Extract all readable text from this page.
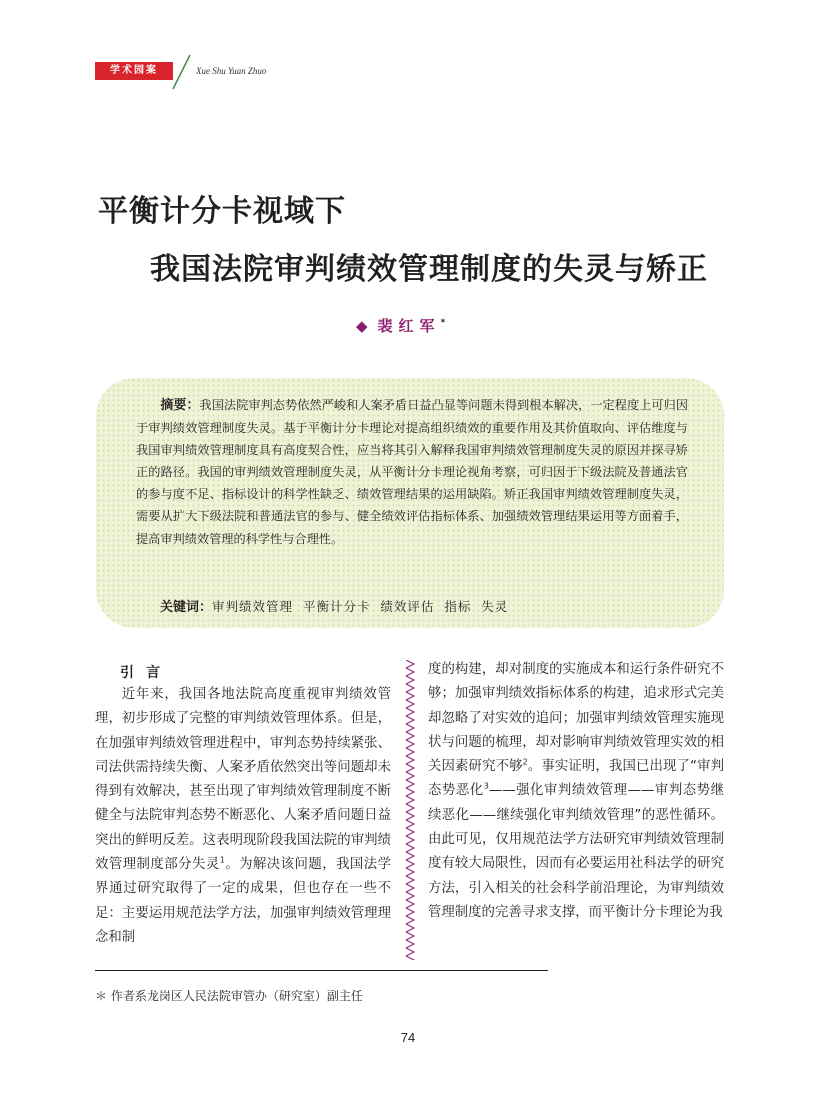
学术园案	Xue Shu Yuan Zhuo
平衡计分卡视域下
我国法院审判绩效管理制度的失灵与矫正
◆ 裴红军*

摘要：我国法院审判态势依然严峻和人案矛盾日益凸显等问题未得到根本解决，一定程度上可归因于审判绩效管理制度失灵。基于平衡计分卡理论对提高组织绩效的重要作用及其价值取向、评估维度与我国审判绩效管理制度具有高度契合性，应当将其引入解释我国审判绩效管理制度失灵的原因并探寻矫正的路径。我国的审判绩效管理制度失灵，从平衡计分卡理论视角考察，可归因于下级法院及普通法官的参与度不足、指标设计的科学性缺乏、绩效管理结果的运用缺陷。矫正我国审判绩效管理制度失灵，需要从扩大下级法院和普通法官的参与、健全绩效评估指标体系、加强绩效管理结果运用等方面着手，提高审判绩效管理的科学性与合理性。

关键词：审判绩效管理  平衡计分卡  绩效评估  指标  失灵

引言

近年来，我国各地法院高度重视审判绩效管理，初步形成了完整的审判绩效管理体系。但是，在加强审判绩效管理进程中，审判态势持续紧张、司法供需持续失衡、人案矛盾依然突出等问题却未得到有效解决，甚至出现了审判绩效管理制度不断健全与法院审判态势不断恶化、人案矛盾问题日益突出的鲜明反差。这表明现阶段我国法院的审判绩效管理制度部分失灵$^1$。为解决该问题，我国法学界通过研究取得了一定的成果，但也存在一些不足：主要运用规范法学方法，加强审判绩效管理理念和制

度的构建，却对制度的实施成本和运行条件研究不够；加强审判绩效指标体系的构建，追求形式完美却忽略了对实效的追问；加强审判绩效管理实施现状与问题的梳理，却对影响审判绩效管理实效的相关因素研究不够$^2$。事实证明，我国已出现了“审判态势恶化$^3$——强化审判绩效管理——审判态势继续恶化——继续强化审判绩效管理”的恶性循环。由此可见，仅用规范法学方法研究审判绩效管理制度有较大局限性，因而有必要运用社科法学的研究方法，引入相关的社会科学前沿理论，为审判绩效管理制度的完善寻求支撑，而平衡计分卡理论为我

＊ 作者系龙岗区人民法院审管办（研究室）副主任

74
